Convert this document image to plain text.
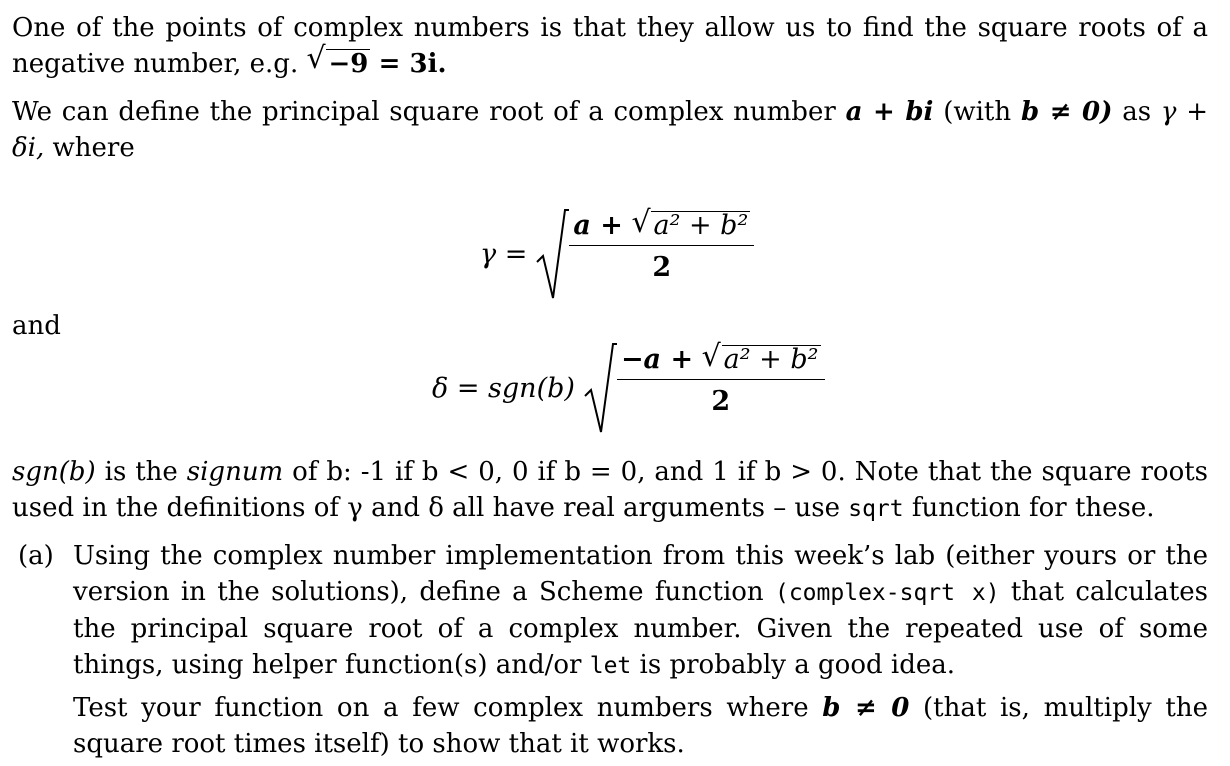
One of the points of complex numbers is that they allow us to find the square roots of a negative number, e.g. √ −9 = 3i.

We can define the principal square root of a complex number a + bi (with b ≠ 0) as γ + δi, where

$\gamma = \frac{\text{a + √ a² + b²}}{2}$

and

$\delta = sgn(b) \frac{\text{−a + √ a² + b²}}{2}$

sgn(b) is the signum of b: -1 if b < 0, 0 if b = 0, and 1 if b > 0. Note that the square roots used in the definitions of γ and δ all have real arguments – use sqrt function for these.

(a) Using the complex number implementation from this week’s lab (either yours or the version in the solutions), define a Scheme function (complex-sqrt x) that calculates the principal square root of a complex number. Given the repeated use of some things, using helper function(s) and/or let is probably a good idea.

Test your function on a few complex numbers where b ≠ 0 (that is, multiply the square root times itself) to show that it works.
